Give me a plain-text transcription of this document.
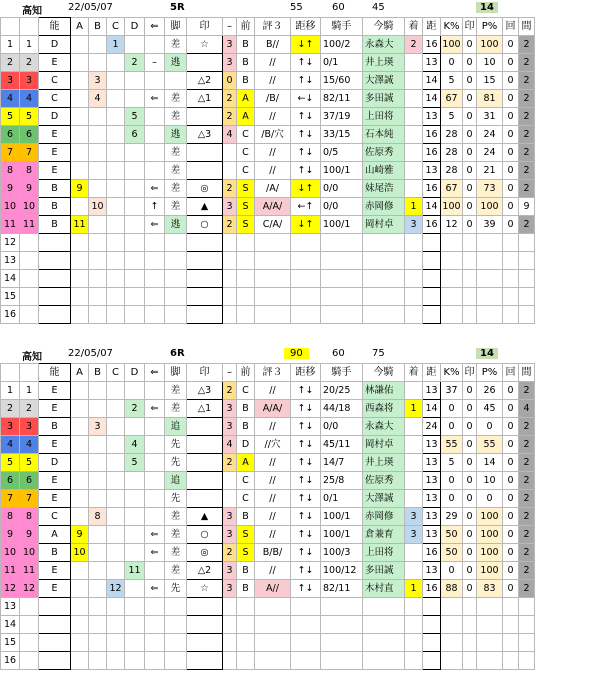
高知	22/05/07	5R	55	60	45	14
		能	A	B	C	D	⇐	脚	印	–	前	評３	距移	騎手	今騎	着	距	K%	印	P%	回	間
1	1	D			1			差	☆	3	B	B//	↓↑	100/2	永森大	2	16	100	0	100	0	2
2	2	E				2	–	逃		3	B	//	↑↓	0/1	井上瑛		13	0	0	10	0	2
3	3	C		3					△2	0	B	//	↑↓	15/60	大澤誠		14	5	0	15	0	2
4	4	C		4			⇐	差	△1	2	A	/B/	←↓	82/11	多田誠		14	67	0	81	0	2
5	5	D				5		差		2	A	//	↑↓	37/19	上田将		13	5	0	31	0	2
6	6	E				6		逃	△3	4	C	/B/穴	↑↓	33/15	石本純		16	28	0	24	0	2
7	7	E						差			C	//	↑↓	0/5	佐原秀		16	28	0	24	0	2
8	8	E						差			C	//	↑↓	100/1	山崎雅		13	28	0	21	0	2
9	9	B	9				⇐	差	◎	2	S	/A/	↓↑	0/0	妹尾浩		16	67	0	73	0	2
10	10	B		10			↑	差	▲	3	S	A/A/	←↑	0/0	赤岡修	1	14	100	0	100	0	9
11	11	B	11				⇐	逃	○	2	S	C/A/	↓↑	100/1	岡村卓	3	16	12	0	39	0	2
12																						
13																						
14																						
15																						
16																						
高知	22/05/07	6R	90	60	75	14
		能	A	B	C	D	⇐	脚	印	–	前	評３	距移	騎手	今騎	着	距	K%	印	P%	回	間
1	1	E						差	△3	2	C	//	↑↓	20/25	林謙佑		13	37	0	26	0	2
2	2	E				2	⇐	差	△1	3	B	A/A/	↑↓	44/18	西森将	1	14	0	0	45	0	4
3	3	B		3				追		3	B	//	↑↓	0/0	永森大		24	0	0	0	0	2
4	4	E				4		先		4	D	//穴	↑↓	45/11	岡村卓		13	55	0	55	0	2
5	5	D				5		先		2	A	//	↑↓	14/7	井上瑛		13	5	0	14	0	2
6	6	E						追			C	//	↑↓	25/8	佐原秀		13	0	0	10	0	2
7	7	E						先			C	//	↑↓	0/1	大澤誠		13	0	0	0	0	2
8	8	C		8				差	▲	3	B	//	↑↓	100/1	赤岡修	3	13	29	0	100	0	2
9	9	A	9				⇐	差	○	3	S	//	↑↓	100/1	倉兼育	3	13	50	0	100	0	2
10	10	B	10				⇐	差	◎	2	S	B/B/	↑↓	100/3	上田将		16	50	0	100	0	2
11	11	E				11		差	△2	3	B	//	↑↓	100/12	多田誠		13	0	0	100	0	2
12	12	E			12		⇐	先	☆	3	B	A//	↑↓	82/11	木村直	1	16	88	0	83	0	2
13																						
14																						
15																						
16																						
